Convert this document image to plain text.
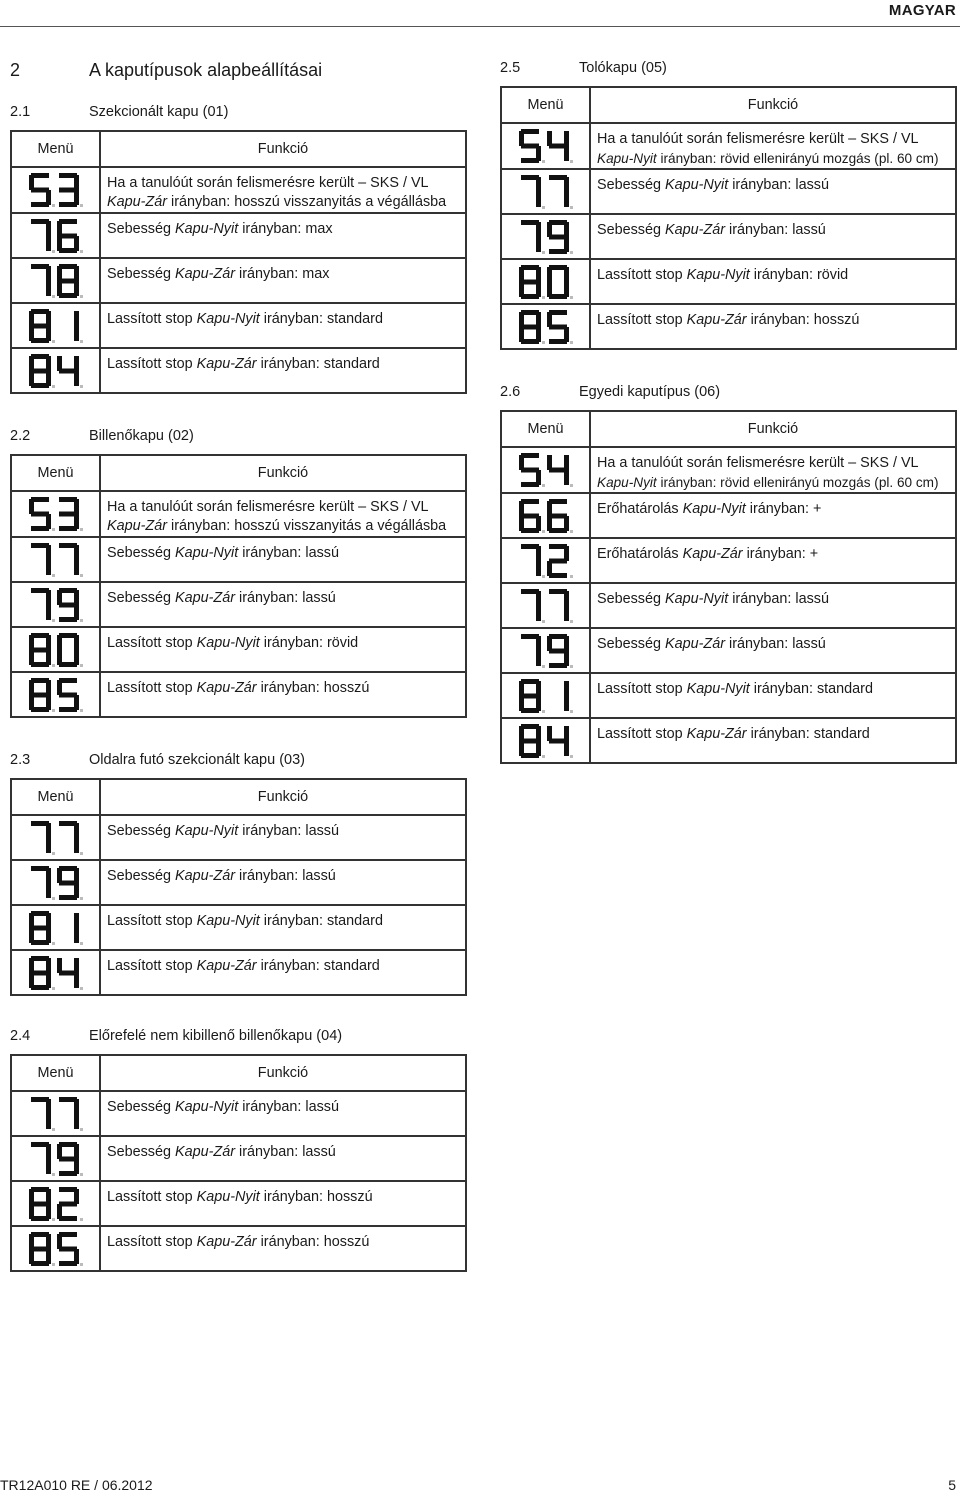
MAGYAR
2	A kaputípusok alapbeállításai
2.1	Szekcionált kapu (01)
2.2	Billenőkapu (02)
2.3	Oldalra futó szekcionált kapu (03)
2.4	Előrefelé nem kibillenő billenőkapu (04)
2.5	Tolókapu (05)
2.6	Egyedi kaputípus (06)
Menü	Funkció

Ha a tanulóút során felismerésre került – SKS / VL
Kapu-Zár irányban: hosszú visszanyitás a végállásba

Sebesség Kapu-Nyit irányban: max

Sebesség Kapu-Zár irányban: max

Lassított stop Kapu-Nyit irányban: standard

Lassított stop Kapu-Zár irányban: standard
Menü	Funkció

Ha a tanulóút során felismerésre került – SKS / VL
Kapu-Zár irányban: hosszú visszanyitás a végállásba

Sebesség Kapu-Nyit irányban: lassú

Sebesség Kapu-Zár irányban: lassú

Lassított stop Kapu-Nyit irányban: rövid

Lassított stop Kapu-Zár irányban: hosszú
Menü	Funkció

Sebesség Kapu-Nyit irányban: lassú

Sebesség Kapu-Zár irányban: lassú

Lassított stop Kapu-Nyit irányban: standard

Lassított stop Kapu-Zár irányban: standard
Menü	Funkció

Sebesség Kapu-Nyit irányban: lassú

Sebesség Kapu-Zár irányban: lassú

Lassított stop Kapu-Nyit irányban: hosszú

Lassított stop Kapu-Zár irányban: hosszú
Menü	Funkció

Ha a tanulóút során felismerésre került – SKS / VL
Kapu-Nyit irányban: rövid ellenirányú mozgás (pl. 60 cm)

Sebesség Kapu-Nyit irányban: lassú

Sebesség Kapu-Zár irányban: lassú

Lassított stop Kapu-Nyit irányban: rövid

Lassított stop Kapu-Zár irányban: hosszú
Menü	Funkció

Ha a tanulóút során felismerésre került – SKS / VL
Kapu-Nyit irányban: rövid ellenirányú mozgás (pl. 60 cm)

Erőhatárolás Kapu-Nyit irányban: +

Erőhatárolás Kapu-Zár irányban: +

Sebesség Kapu-Nyit irányban: lassú

Sebesség Kapu-Zár irányban: lassú

Lassított stop Kapu-Nyit irányban: standard

Lassított stop Kapu-Zár irányban: standard
TR12A010 RE / 06.2012	5
